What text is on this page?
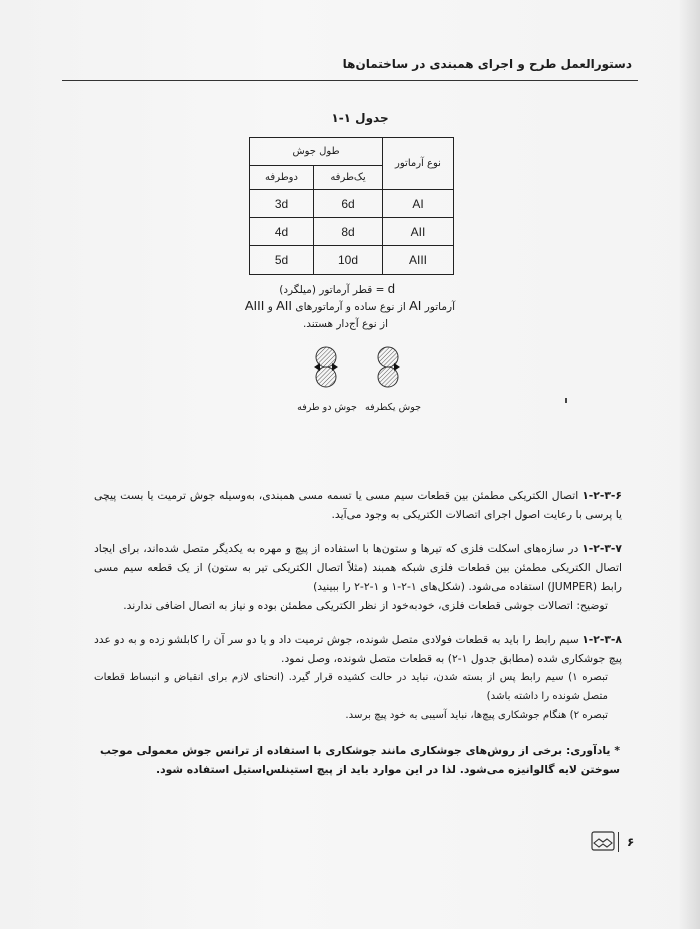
دستورالعمل طرح و اجرای همبندی در ساختمان‌ها
جدول ۱-۱
نوع آرماتور	طول جوش	
	یک‌طرفه	دوطرفه
AI	6d	3d
AII	8d	4d
AIII	10d	5d
d = قطر آرماتور (میلگرد)
آرماتور AI از نوع ساده و آرماتورهای AII و AIII
از نوع آج‌دار هستند.
جوش دو طرفه جوش یکطرفه

۱-۲-۳-۶ اتصال الکتریکی مطمئن بین قطعات سیم مسی یا تسمه مسی همبندی، به‌وسیله جوش ترمیت یا بست پیچی یا پرسی با رعایت اصول اجرای اتصالات الکتریکی به وجود می‌آید.

۱-۲-۳-۷ در سازه‌های اسکلت فلزی که تیرها و ستون‌ها با استفاده از پیچ و مهره به یکدیگر متصل شده‌اند، برای ایجاد اتصال الکتریکی مطمئن بین قطعات فلزی شبکه همبند (مثلاً اتصال الکتریکی تیر به ستون) از یک قطعه سیم مسی رابط (JUMPER) استفاده می‌شود. (شکل‌های ۱-۲-۱ و ۱-۲-۲ را ببینید)

توضیح: اتصالات جوشی قطعات فلزی، خودبه‌خود از نظر الکتریکی مطمئن بوده و نیاز به اتصال اضافی ندارند.

۱-۲-۳-۸ سیم رابط را باید به قطعات فولادی متصل شونده، جوش ترمیت داد و یا دو سر آن را کابلشو زده و به دو عدد پیچ جوشکاری شده (مطابق جدول ۱-۲) به قطعات متصل شونده، وصل نمود.

تبصره ۱) سیم رابط پس از بسته شدن، نباید در حالت کشیده قرار گیرد. (انحنای لازم برای انقباض و انبساط قطعات متصل شونده را داشته باشد)

تبصره ۲) هنگام جوشکاری پیچ‌ها، نباید آسیبی به خود پیچ برسد.

* یادآوری: برخی از روش‌های جوشکاری مانند جوشکاری با استفاده از ترانس جوش معمولی موجب سوختن لایه گالوانیزه می‌شود. لذا در این موارد باید از پیچ استینلس‌استیل استفاده شود.
۶
